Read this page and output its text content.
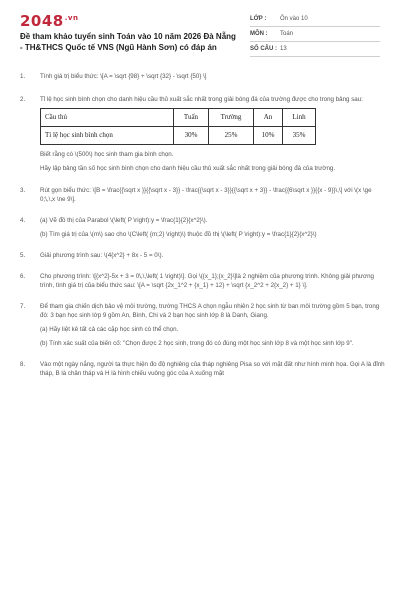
$2048^{.vn}$
Đề tham khảo tuyển sinh Toán vào 10 năm 2026 Đà Nẵng - TH&THCS Quốc tế VNS (Ngũ Hành Sơn) có đáp án
LỚP :	Ôn vào 10
MÔN :	Toán
SỐ CÂU : 13
1. Tính giá trị biểu thức: \[A = \sqrt {98} + \sqrt {32} - \sqrt {50} \]

2. Tỉ lệ học sinh bình chọn cho danh hiệu cầu thủ xuất sắc nhất trong giải bóng đá của trường được cho trong bảng sau:

Cầu thủ	Tuấn	Trường	An	Linh
Tỉ lệ học sinh bình chọn	30%	25%	10%	35%

Biết rằng có \(500\) học sinh tham gia bình chọn.

Hãy lập bảng tần số học sinh bình chọn cho danh hiệu cầu thủ xuất sắc nhất trong giải bóng đá của trường.

3. Rút gọn biểu thức: \[B = \frac{{\sqrt x }}{{\sqrt x - 3}} - \frac{{\sqrt x - 3}}{{\sqrt x + 3}} - \frac{{6\sqrt x }}{{x - 9}}\,\] với \(x \ge 0;\,\,x \ne 9\].

4. (a) Vẽ đồ thị của Parabol \(\left( P \right):y = \frac{1}{2}{x^2}\).

(b) Tìm giá trị của \(m\) sao cho \(C\left( {m;2} \right)\) thuộc đồ thị \(\left( P \right):y = \frac{1}{2}{x^2}\)

5. Giải phương trình sau: \(4{x^2} + 8x - 5 = 0\).

6. Cho phương trình: \[{x^2}-5x + 3 = 0\,\,\left( 1 \right)\]. Gọi \({x_1};{x_2}\]là 2 nghiệm của phương trình. Không giải phương trình, tính giá trị của biểu thức sau: \[A = \sqrt {2x_1^2 + {x_1} + 12} + \sqrt {x_2^2 + 2{x_2} + 1} \].

7. Để tham gia chiến dịch bảo vệ môi trường, trường THCS A chọn ngẫu nhiên 2 học sinh từ ban môi trường gồm 5 bạn, trong đó: 3 bạn học sinh lớp 9 gồm An, Bình, Chi và 2 bạn học sinh lớp 8 là Danh, Giang.

(a) Hãy liệt kê tất cả các cặp học sinh có thể chọn.

(b) Tính xác suất của biến cố: "Chọn được 2 học sinh, trong đó có đúng một học sinh lớp 8 và một học sinh lớp 9".

8. Vào một ngày nắng, người ta thực hiện đo độ nghiêng của tháp nghiêng Pisa so với mặt đất như hình minh họa. Gọi A là đỉnh tháp, B là chân tháp và H là hình chiếu vuông góc của A xuống mặt
